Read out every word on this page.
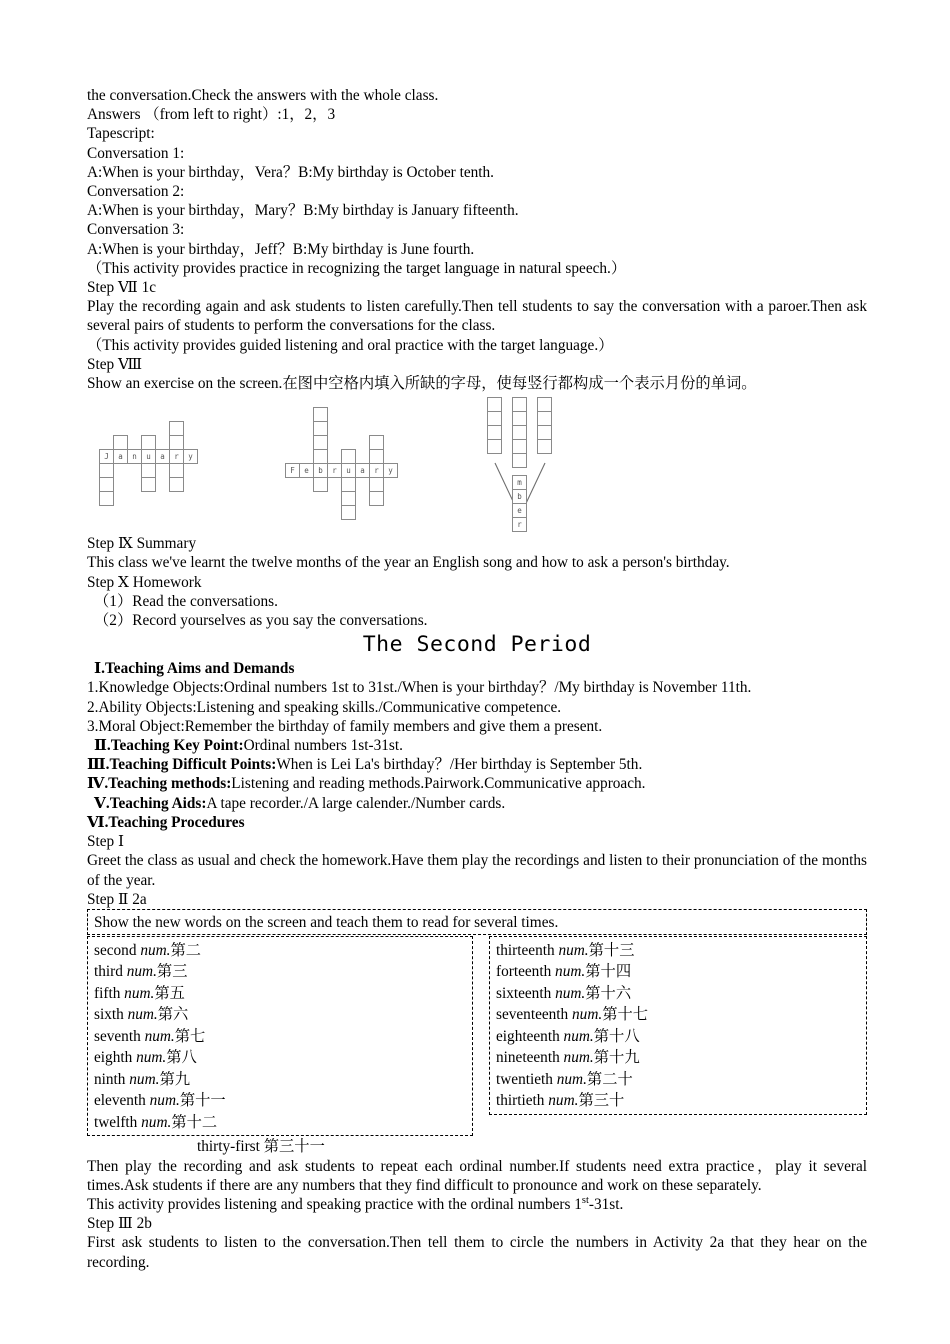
the conversation.Check the answers with the whole class.
Answers （from left to right）:1，2，3
Tapescript:
Conversation 1:
A:When is your birthday，Vera？B:My birthday is October tenth.
Conversation 2:
A:When is your birthday，Mary？B:My birthday is January fifteenth.
Conversation 3:
A:When is your birthday，Jeff？B:My birthday is June fourth.
（This activity provides practice in recognizing the target language in natural speech.）
Step Ⅶ 1c
Play the recording again and ask students to listen carefully.Then tell students to say the conversation with a paroer.Then ask several pairs of students to perform the conversations for the class.
（This activity provides guided listening and oral practice with the target language.）
Step Ⅷ
Show an exercise on the screen.在图中空格内填入所缺的字母，使每竖行都构成一个表示月份的单词。
J	a	n	u	a	r	y
F	e	b	r	u	a	r	y
m
b
e
r
Step Ⅸ Summary
This class we've learnt the twelve months of the year an English song and how to ask a person's birthday.
Step Ⅹ Homework
（1）Read the conversations.
（2）Record yourselves as you say the conversations.
The Second Period
Ⅰ.Teaching Aims and Demands
1.Knowledge Objects:Ordinal numbers 1st to 31st./When is your birthday？/My birthday is November 11th.
2.Ability Objects:Listening and speaking skills./Communicative competence.
3.Moral Object:Remember the birthday of family members and give them a present.
Ⅱ.Teaching Key Point:Ordinal numbers 1st-31st.
Ⅲ.Teaching Difficult Points:When is Lei La's birthday？/Her birthday is September 5th.
Ⅳ.Teaching methods:Listening and reading methods.Pairwork.Communicative approach.
Ⅴ.Teaching Aids:A tape recorder./A large calender./Number cards.
Ⅵ.Teaching Procedures
Step Ⅰ
Greet the class as usual and check the homework.Have them play the recordings and listen to their pronunciation of the months of the year.
Step Ⅱ 2a
Show the new words on the screen and teach them to read for several times.
second num.第二
third num.第三
fifth num.第五
sixth num.第六
seventh num.第七
eighth num.第八
ninth num.第九
eleventh num.第十一
twelfth num.第十二
thirteenth num.第十三
forteenth num.第十四
sixteenth num.第十六
seventeenth num.第十七
eighteenth num.第十八
nineteenth num.第十九
twentieth num.第二十
thirtieth num.第三十
thirty-first 第三十一
Then play the recording and ask students to repeat each ordinal number.If students need extra practice，play it several times.Ask students if there are any numbers that they find difficult to pronounce and work on these separately.
This activity provides listening and speaking practice with the ordinal numbers 1st-31st.
Step Ⅲ 2b
First ask students to listen to the conversation.Then tell them to circle the numbers in Activity 2a that they hear on the recording.
